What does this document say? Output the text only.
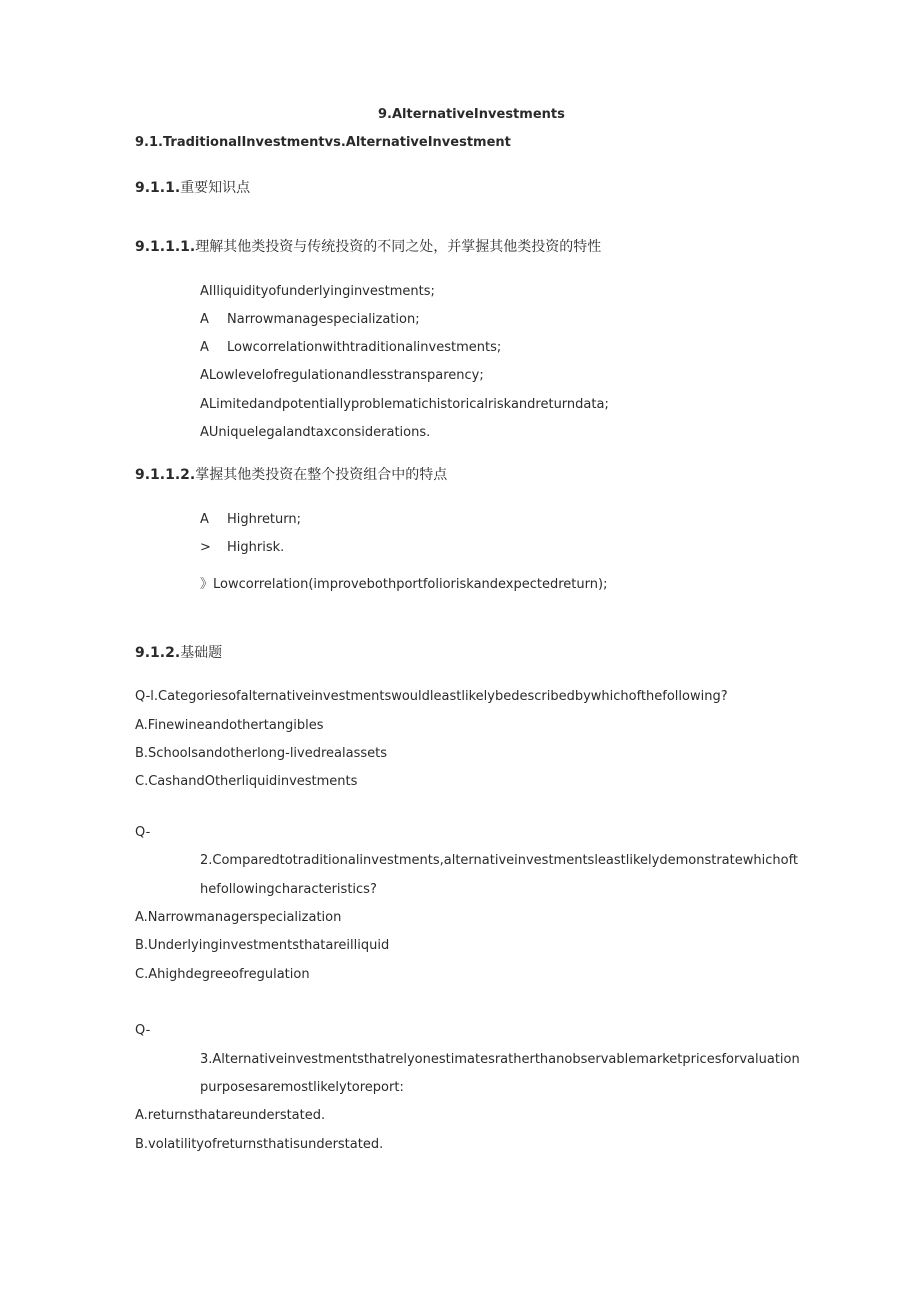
9.AlternativeInvestments
9.1.TraditionalInvestmentvs.AlternativeInvestment
9.1.1.重要知识点
9.1.1.1.理解其他类投资与传统投资的不同之处，并掌握其他类投资的特性
AIlliquidityofunderlyinginvestments;
A Narrowmanagespecialization;
A Lowcorrelationwithtraditionalinvestments;
ALowlevelofregulationandlesstransparency;
ALimitedandpotentiallyproblematichistoricalriskandreturndata;
AUniquelegalandtaxconsiderations.
9.1.1.2.掌握其他类投资在整个投资组合中的特点
A Highreturn;
> Highrisk.
》Lowcorrelation(improvebothportfolioriskandexpectedreturn);
9.1.2.基础题
Q-l.Categoriesofalternativeinvestmentswouldleastlikelybedescribedbywhichofthefollowing?
A.Finewineandothertangibles
B.Schoolsandotherlong-livedrealassets
C.CashandOtherliquidinvestments
Q-
2.Comparedtotraditionalinvestments,alternativeinvestmentsleastlikelydemonstratewhichoft
hefollowingcharacteristics?
A.Narrowmanagerspecialization
B.Underlyinginvestmentsthatareilliquid
C.Ahighdegreeofregulation
Q-
3.Alternativeinvestmentsthatrelyonestimatesratherthanobservablemarketpricesforvaluation
purposesaremostlikelytoreport:
A.returnsthatareunderstated.
B.volatilityofreturnsthatisunderstated.
